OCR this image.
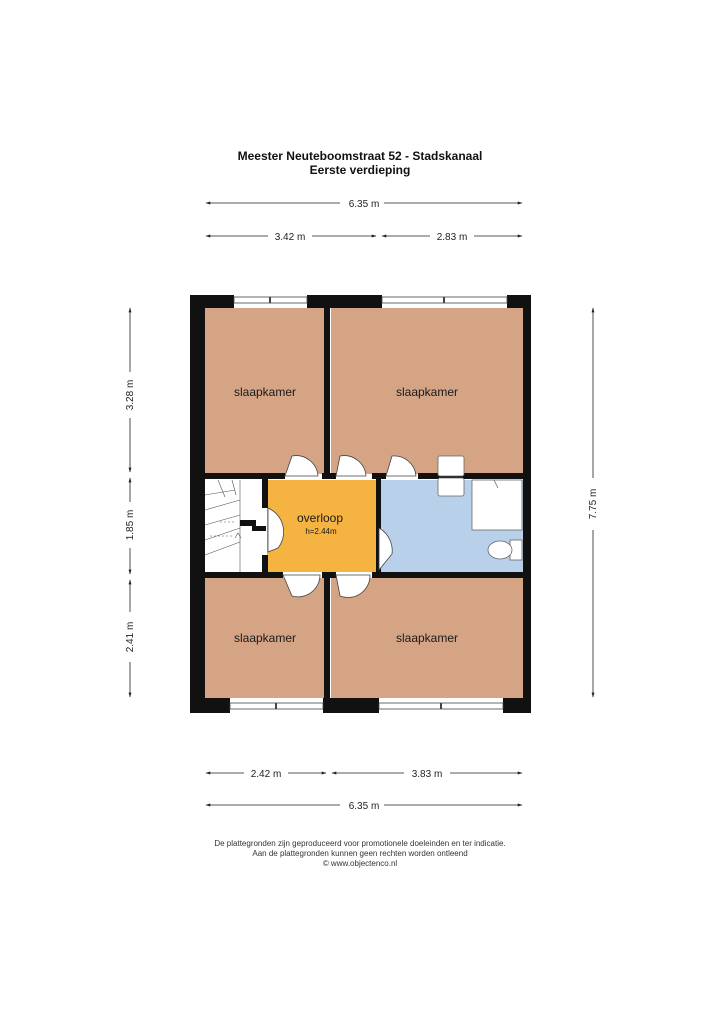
Meester Neuteboomstraat 52 - Stadskanaal
Eerste verdieping
6.35 m
3.42 m	2.83 m
3.28 m
1.85 m
2.41 m
7.75 m
2.42 m	3.83 m
6.35 m
slaapkamer	slaapkamer
slaapkamer	slaapkamer
overloop
h=2.44m
De plattegronden zijn geproduceerd voor promotionele doeleinden en ter indicatie.
Aan de plattegronden kunnen geen rechten worden ontleend
© www.objectenco.nl
